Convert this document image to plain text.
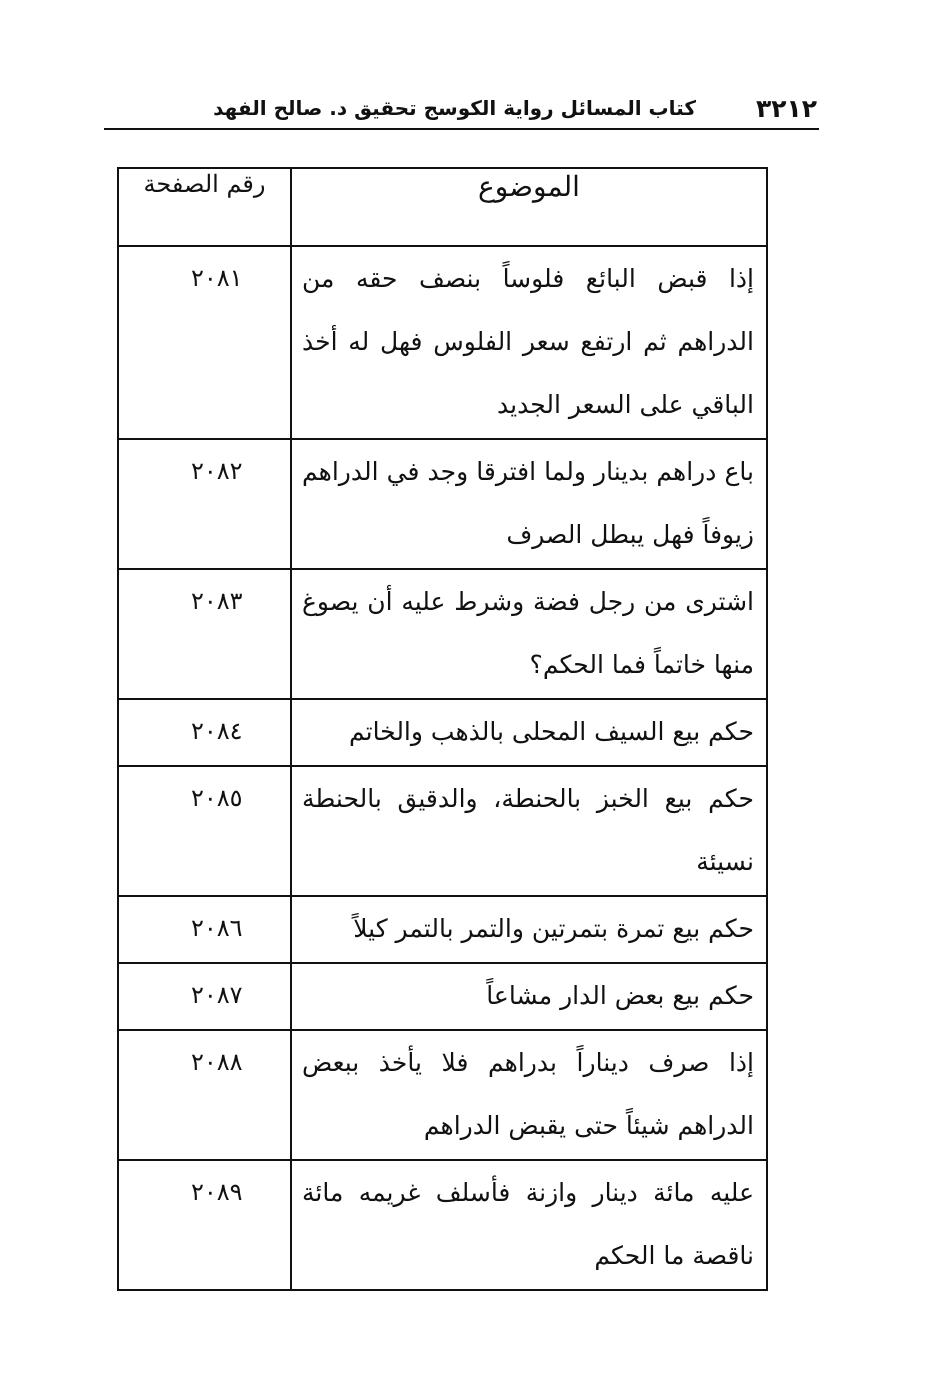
٣٢١٢
كتاب المسائل رواية الكوسج تحقيق د. صالح الفهد
الموضوع	رقم الصفحة
إذا قبض البائع فلوساً بنصف حقه من الدراهم ثم ارتفع سعر الفلوس فهل له أخذ الباقي على السعر الجديد	٢٠٨١
باع دراهم بدينار ولما افترقا وجد في الدراهم زيوفاً فهل يبطل الصرف	٢٠٨٢
اشترى من رجل فضة وشرط عليه أن يصوغ منها خاتماً فما الحكم؟	٢٠٨٣
حكم بيع السيف المحلى بالذهب والخاتم	٢٠٨٤
حكم بيع الخبز بالحنطة، والدقيق بالحنطة نسيئة	٢٠٨٥
حكم بيع تمرة بتمرتين والتمر بالتمر كيلاً	٢٠٨٦
حكم بيع بعض الدار مشاعاً	٢٠٨٧
إذا صرف ديناراً بدراهم فلا يأخذ ببعض الدراهم شيئاً حتى يقبض الدراهم	٢٠٨٨
عليه مائة دينار وازنة فأسلف غريمه مائة ناقصة ما الحكم	٢٠٨٩
